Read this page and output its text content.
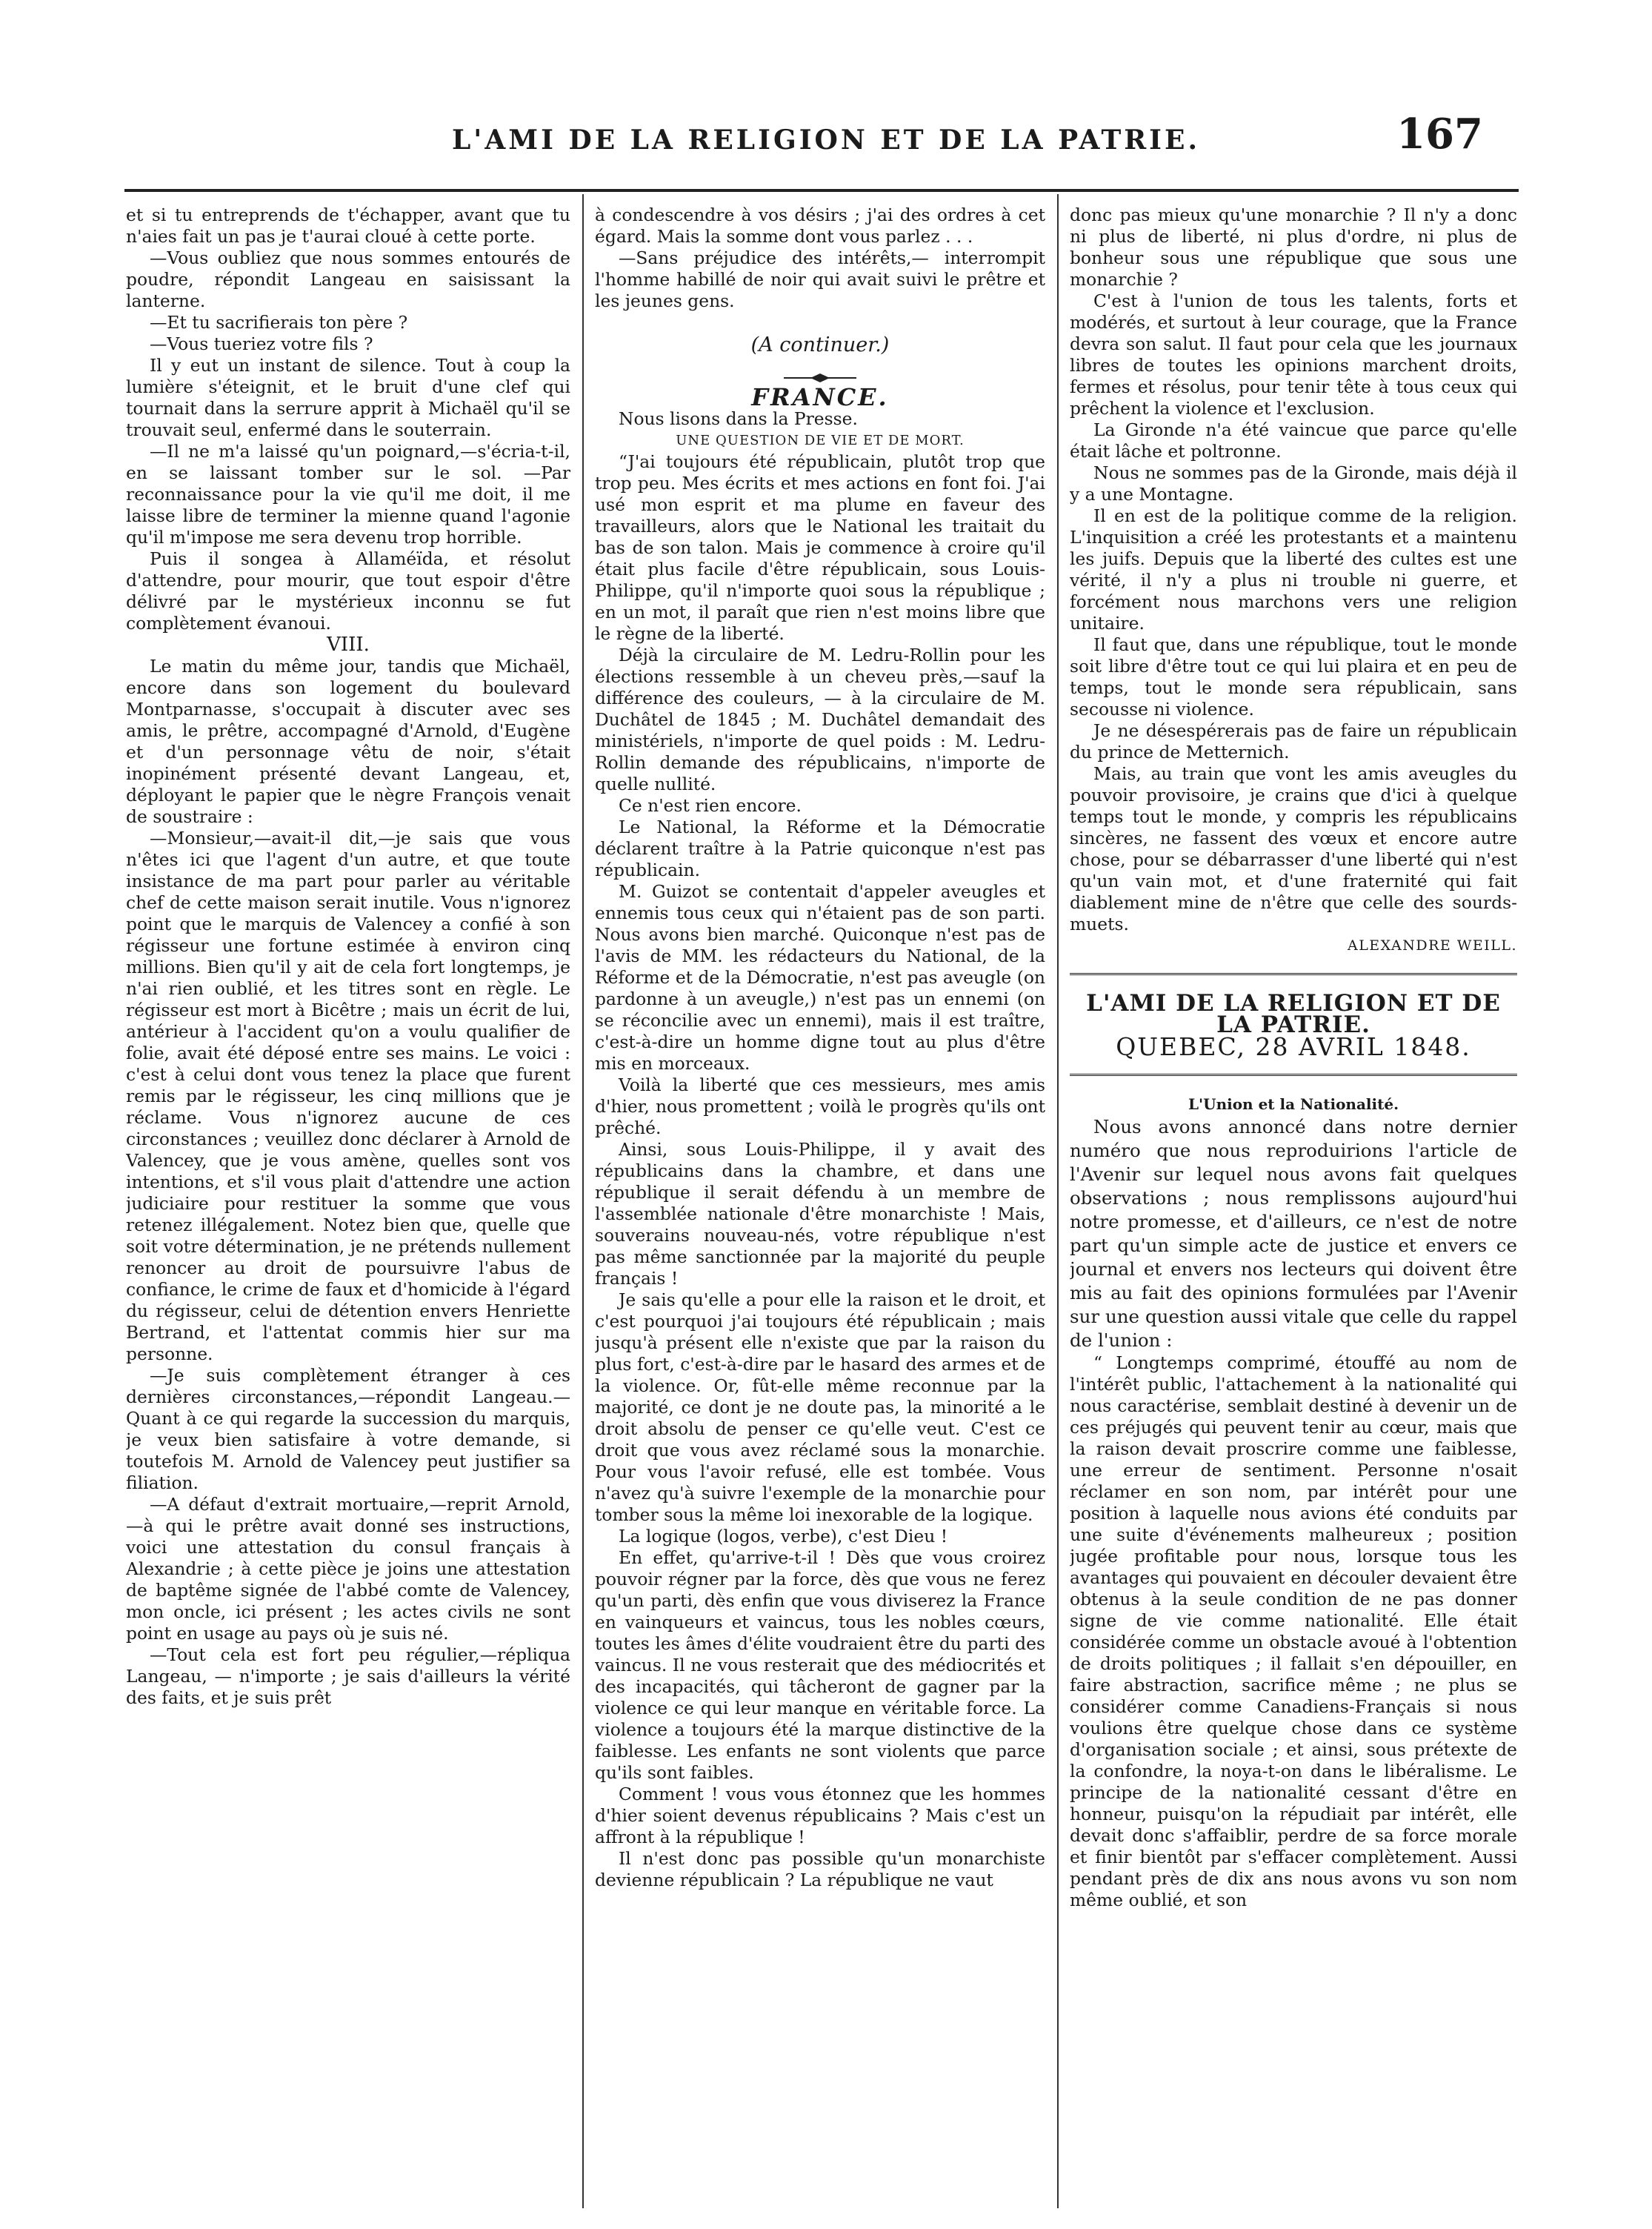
L'AMI DE LA RELIGION ET DE LA PATRIE.	167

et si tu entreprends de t'échapper, avant que tu n'aies fait un pas je t'aurai cloué à cette porte.

—Vous oubliez que nous sommes entourés de poudre, répondit Langeau en saisissant la lanterne.

—Et tu sacrifierais ton père ?

—Vous tueriez votre fils ?

Il y eut un instant de silence. Tout à coup la lumière s'éteignit, et le bruit d'une clef qui tournait dans la serrure apprit à Michaël qu'il se trouvait seul, enfermé dans le souterrain.

—Il ne m'a laissé qu'un poignard,—s'écria-t-il, en se laissant tomber sur le sol. —Par reconnaissance pour la vie qu'il me doit, il me laisse libre de terminer la mienne quand l'agonie qu'il m'impose me sera devenu trop horrible.

Puis il songea à Allaméïda, et résolut d'attendre, pour mourir, que tout espoir d'être délivré par le mystérieux inconnu se fut complètement évanoui.

VIII.

Le matin du même jour, tandis que Michaël, encore dans son logement du boulevard Montparnasse, s'occupait à discuter avec ses amis, le prêtre, accompagné d'Arnold, d'Eugène et d'un personnage vêtu de noir, s'était inopinément présenté devant Langeau, et, déployant le papier que le nègre François venait de soustraire :

—Monsieur,—avait-il dit,—je sais que vous n'êtes ici que l'agent d'un autre, et que toute insistance de ma part pour parler au véritable chef de cette maison serait inutile. Vous n'ignorez point que le marquis de Valencey a confié à son régisseur une fortune estimée à environ cinq millions. Bien qu'il y ait de cela fort longtemps, je n'ai rien oublié, et les titres sont en règle. Le régisseur est mort à Bicêtre ; mais un écrit de lui, antérieur à l'accident qu'on a voulu qualifier de folie, avait été déposé entre ses mains. Le voici : c'est à celui dont vous tenez la place que furent remis par le régisseur, les cinq millions que je réclame. Vous n'ignorez aucune de ces circonstances ; veuillez donc déclarer à Arnold de Valencey, que je vous amène, quelles sont vos intentions, et s'il vous plait d'attendre une action judiciaire pour restituer la somme que vous retenez illégalement. Notez bien que, quelle que soit votre détermination, je ne prétends nullement renoncer au droit de poursuivre l'abus de confiance, le crime de faux et d'homicide à l'égard du régisseur, celui de détention envers Henriette Bertrand, et l'attentat commis hier sur ma personne.

—Je suis complètement étranger à ces dernières circonstances,—répondit Langeau.—Quant à ce qui regarde la succession du marquis, je veux bien satisfaire à votre demande, si toutefois M. Arnold de Valencey peut justifier sa filiation.

—A défaut d'extrait mortuaire,—reprit Arnold,—à qui le prêtre avait donné ses instructions, voici une attestation du consul français à Alexandrie ; à cette pièce je joins une attestation de baptême signée de l'abbé comte de Valencey, mon oncle, ici présent ; les actes civils ne sont point en usage au pays où je suis né.

—Tout cela est fort peu régulier,—répliqua Langeau, — n'importe ; je sais d'ailleurs la vérité des faits, et je suis prêt

à condescendre à vos désirs ; j'ai des ordres à cet égard. Mais la somme dont vous parlez . . .

—Sans préjudice des intérêts,— interrompit l'homme habillé de noir qui avait suivi le prêtre et les jeunes gens.

(A continuer.)

FRANCE.

Nous lisons dans la Presse.

UNE QUESTION DE VIE ET DE MORT.

“J'ai toujours été républicain, plutôt trop que trop peu. Mes écrits et mes actions en font foi. J'ai usé mon esprit et ma plume en faveur des travailleurs, alors que le National les traitait du bas de son talon. Mais je commence à croire qu'il était plus facile d'être républicain, sous Louis-Philippe, qu'il n'importe quoi sous la république ; en un mot, il paraît que rien n'est moins libre que le règne de la liberté.

Déjà la circulaire de M. Ledru-Rollin pour les élections ressemble à un cheveu près,—sauf la différence des couleurs, — à la circulaire de M. Duchâtel de 1845 ; M. Duchâtel demandait des ministériels, n'importe de quel poids : M. Ledru-Rollin demande des républicains, n'importe de quelle nullité.

Ce n'est rien encore.

Le National, la Réforme et la Démocratie déclarent traître à la Patrie quiconque n'est pas républicain.

M. Guizot se contentait d'appeler aveugles et ennemis tous ceux qui n'étaient pas de son parti. Nous avons bien marché. Quiconque n'est pas de l'avis de MM. les rédacteurs du National, de la Réforme et de la Démocratie, n'est pas aveugle (on pardonne à un aveugle,) n'est pas un ennemi (on se réconcilie avec un ennemi), mais il est traître, c'est-à-dire un homme digne tout au plus d'être mis en morceaux.

Voilà la liberté que ces messieurs, mes amis d'hier, nous promettent ; voilà le progrès qu'ils ont prêché.

Ainsi, sous Louis-Philippe, il y avait des républicains dans la chambre, et dans une république il serait défendu à un membre de l'assemblée nationale d'être monarchiste ! Mais, souverains nouveau-nés, votre république n'est pas même sanctionnée par la majorité du peuple français !

Je sais qu'elle a pour elle la raison et le droit, et c'est pourquoi j'ai toujours été républicain ; mais jusqu'à présent elle n'existe que par la raison du plus fort, c'est-à-dire par le hasard des armes et de la violence. Or, fût-elle même reconnue par la majorité, ce dont je ne doute pas, la minorité a le droit absolu de penser ce qu'elle veut. C'est ce droit que vous avez réclamé sous la monarchie. Pour vous l'avoir refusé, elle est tombée. Vous n'avez qu'à suivre l'exemple de la monarchie pour tomber sous la même loi inexorable de la logique.

La logique (logos, verbe), c'est Dieu !

En effet, qu'arrive-t-il ! Dès que vous croirez pouvoir régner par la force, dès que vous ne ferez qu'un parti, dès enfin que vous diviserez la France en vainqueurs et vaincus, tous les nobles cœurs, toutes les âmes d'élite voudraient être du parti des vaincus. Il ne vous resterait que des médiocrités et des incapacités, qui tâcheront de gagner par la violence ce qui leur manque en véritable force. La violence a toujours été la marque distinctive de la faiblesse. Les enfants ne sont violents que parce qu'ils sont faibles.

Comment ! vous vous étonnez que les hommes d'hier soient devenus républicains ? Mais c'est un affront à la république !

Il n'est donc pas possible qu'un monarchiste devienne républicain ? La république ne vaut

donc pas mieux qu'une monarchie ? Il n'y a donc ni plus de liberté, ni plus d'ordre, ni plus de bonheur sous une république que sous une monarchie ?

C'est à l'union de tous les talents, forts et modérés, et surtout à leur courage, que la France devra son salut. Il faut pour cela que les journaux libres de toutes les opinions marchent droits, fermes et résolus, pour tenir tête à tous ceux qui prêchent la violence et l'exclusion.

La Gironde n'a été vaincue que parce qu'elle était lâche et poltronne.

Nous ne sommes pas de la Gironde, mais déjà il y a une Montagne.

Il en est de la politique comme de la religion. L'inquisition a créé les protestants et a maintenu les juifs. Depuis que la liberté des cultes est une vérité, il n'y a plus ni trouble ni guerre, et forcément nous marchons vers une religion unitaire.

Il faut que, dans une république, tout le monde soit libre d'être tout ce qui lui plaira et en peu de temps, tout le monde sera républicain, sans secousse ni violence.

Je ne désespérerais pas de faire un républicain du prince de Metternich.

Mais, au train que vont les amis aveugles du pouvoir provisoire, je crains que d'ici à quelque temps tout le monde, y compris les républicains sincères, ne fassent des vœux et encore autre chose, pour se débarrasser d'une liberté qui n'est qu'un vain mot, et d'une fraternité qui fait diablement mine de n'être que celle des sourds-muets.

ALEXANDRE WEILL.

L'AMI DE LA RELIGION ET DE LA PATRIE.

QUEBEC, 28 AVRIL 1848.

L'Union et la Nationalité.

Nous avons annoncé dans notre dernier numéro que nous reproduirions l'article de l'Avenir sur lequel nous avons fait quelques observations ; nous remplissons aujourd'hui notre promesse, et d'ailleurs, ce n'est de notre part qu'un simple acte de justice et envers ce journal et envers nos lecteurs qui doivent être mis au fait des opinions formulées par l'Avenir sur une question aussi vitale que celle du rappel de l'union :

“ Longtemps comprimé, étouffé au nom de l'intérêt public, l'attachement à la nationalité qui nous caractérise, semblait destiné à devenir un de ces préjugés qui peuvent tenir au cœur, mais que la raison devait proscrire comme une faiblesse, une erreur de sentiment. Personne n'osait réclamer en son nom, par intérêt pour une position à laquelle nous avions été conduits par une suite d'événements malheureux ; position jugée profitable pour nous, lorsque tous les avantages qui pouvaient en découler devaient être obtenus à la seule condition de ne pas donner signe de vie comme nationalité. Elle était considérée comme un obstacle avoué à l'obtention de droits politiques ; il fallait s'en dépouiller, en faire abstraction, sacrifice même ; ne plus se considérer comme Canadiens-Français si nous voulions être quelque chose dans ce système d'organisation sociale ; et ainsi, sous prétexte de la confondre, la noya-t-on dans le libéralisme. Le principe de la nationalité cessant d'être en honneur, puisqu'on la répudiait par intérêt, elle devait donc s'affaiblir, perdre de sa force morale et finir bientôt par s'effacer complètement. Aussi pendant près de dix ans nous avons vu son nom même oublié, et son
